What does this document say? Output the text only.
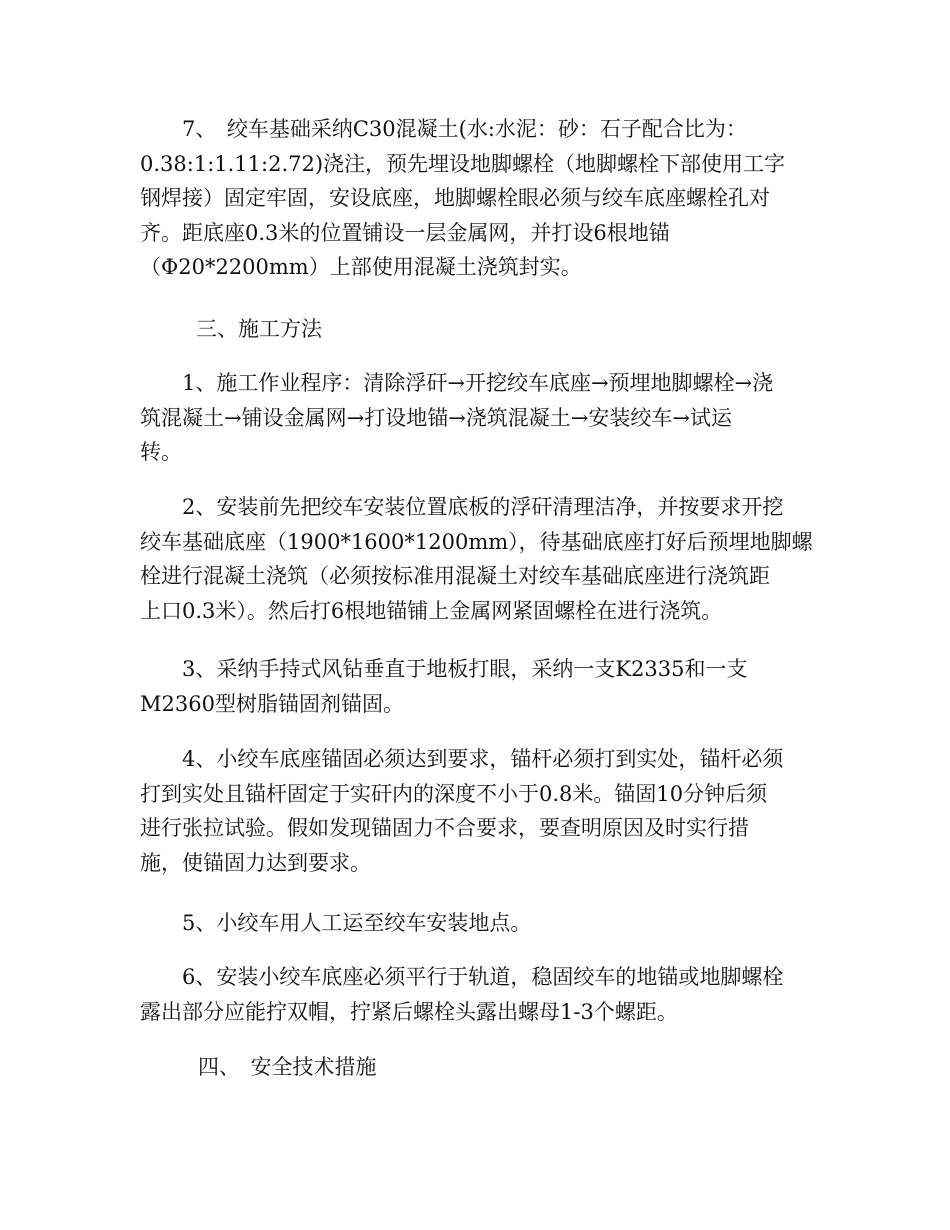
　　7、　绞车基础采纳C30混凝土(水:水泥：砂：石子配合比为：
0.38:1:1.11:2.72)浇注，预先埋设地脚螺栓（地脚螺栓下部使用工字
钢焊接）固定牢固，安设底座，地脚螺栓眼必须与绞车底座螺栓孔对
齐。距底座0.3米的位置铺设一层金属网，并打设6根地锚
（Φ20*2200mm）上部使用混凝土浇筑封实。
三、施工方法
　　1、施工作业程序：清除浮矸→开挖绞车底座→预埋地脚螺栓→浇
筑混凝土→铺设金属网→打设地锚→浇筑混凝土→安装绞车→试运
转。
　　2、安装前先把绞车安装位置底板的浮矸清理洁净，并按要求开挖
绞车基础底座（1900*1600*1200mm），待基础底座打好后预埋地脚螺
栓进行混凝土浇筑（必须按标准用混凝土对绞车基础底座进行浇筑距
上口0.3米）。然后打6根地锚铺上金属网紧固螺栓在进行浇筑。
　　3、采纳手持式风钻垂直于地板打眼，采纳一支K2335和一支
M2360型树脂锚固剂锚固。
　　4、小绞车底座锚固必须达到要求，锚杆必须打到实处，锚杆必须
打到实处且锚杆固定于实矸内的深度不小于0.8米。锚固10分钟后须
进行张拉试验。假如发现锚固力不合要求，要查明原因及时实行措
施，使锚固力达到要求。
　　5、小绞车用人工运至绞车安装地点。
　　6、安装小绞车底座必须平行于轨道，稳固绞车的地锚或地脚螺栓
露出部分应能拧双帽，拧紧后螺栓头露出螺母1-3个螺距。
四、　安全技术措施
